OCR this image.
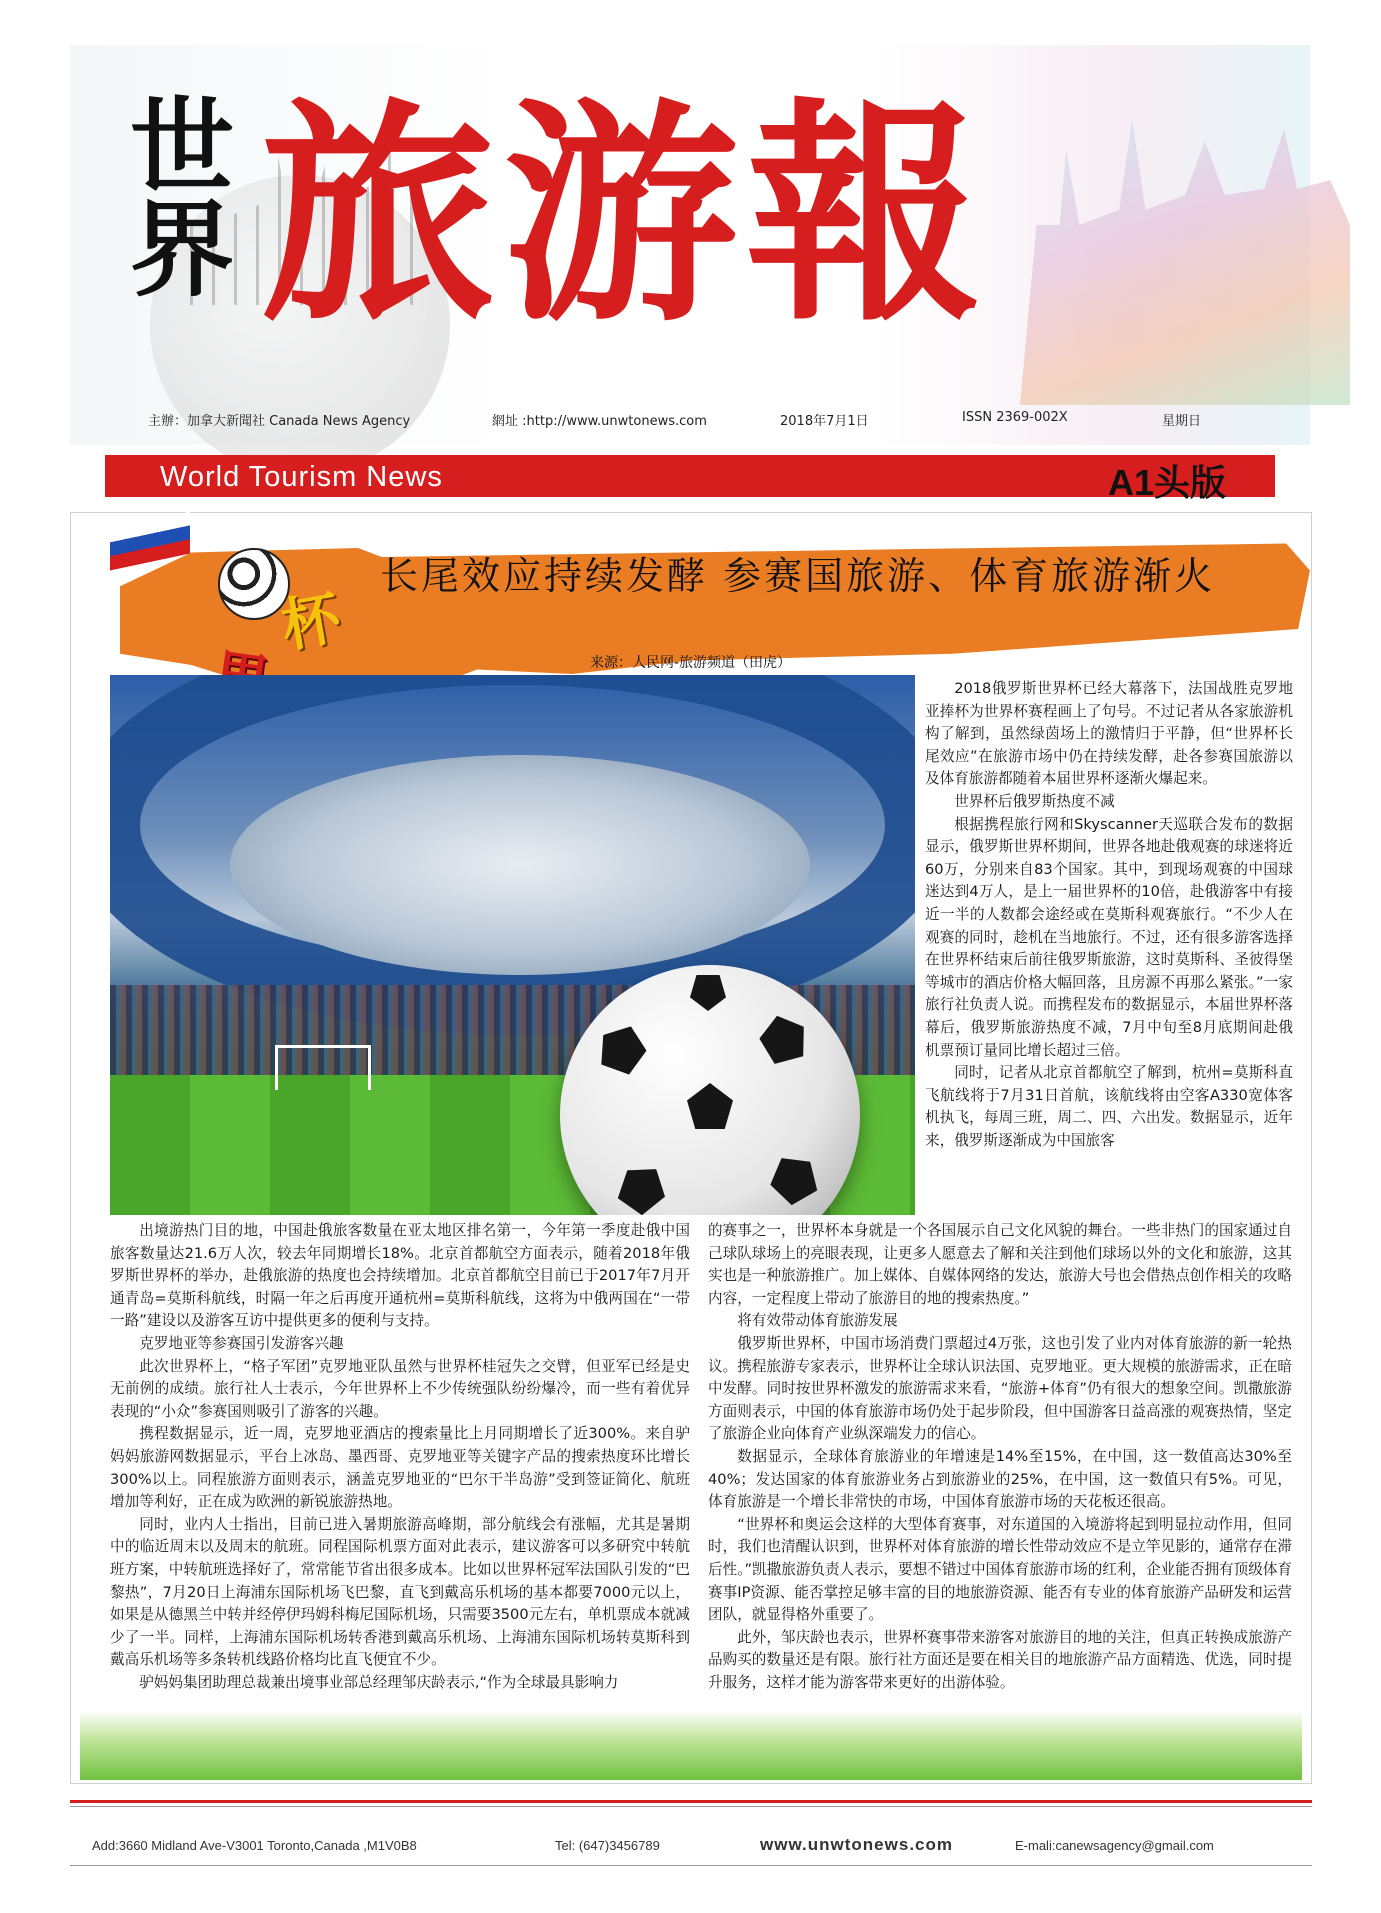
世
界 旅游報
主辦：加拿大新聞社 Canada News Agency	網址 :http://www.unwtonews.com	2018年7月1日	ISSN 2369-002X	星期日
World Tourism News	A1头版
长尾效应持续发酵 参赛国旅游、体育旅游渐火
杯
来源：人民网-旅游频道（田虎）

2018俄罗斯世界杯已经大幕落下，法国战胜克罗地亚捧杯为世界杯赛程画上了句号。不过记者从各家旅游机构了解到，虽然绿茵场上的激情归于平静，但“世界杯长尾效应”在旅游市场中仍在持续发酵，赴各参赛国旅游以及体育旅游都随着本届世界杯逐渐火爆起来。

世界杯后俄罗斯热度不减

根据携程旅行网和Skyscanner天巡联合发布的数据显示，俄罗斯世界杯期间，世界各地赴俄观赛的球迷将近60万，分别来自83个国家。其中，到现场观赛的中国球迷达到4万人，是上一届世界杯的10倍，赴俄游客中有接近一半的人数都会途经或在莫斯科观赛旅行。“不少人在观赛的同时，趁机在当地旅行。不过，还有很多游客选择在世界杯结束后前往俄罗斯旅游，这时莫斯科、圣彼得堡等城市的酒店价格大幅回落，且房源不再那么紧张。”一家旅行社负责人说。而携程发布的数据显示，本届世界杯落幕后，俄罗斯旅游热度不减，7月中旬至8月底期间赴俄机票预订量同比增长超过三倍。

同时，记者从北京首都航空了解到，杭州=莫斯科直飞航线将于7月31日首航，该航线将由空客A330宽体客机执飞，每周三班，周二、四、六出发。数据显示，近年来，俄罗斯逐渐成为中国旅客

出境游热门目的地，中国赴俄旅客数量在亚太地区排名第一，今年第一季度赴俄中国旅客数量达21.6万人次，较去年同期增长18%。北京首都航空方面表示，随着2018年俄罗斯世界杯的举办，赴俄旅游的热度也会持续增加。北京首都航空目前已于2017年7月开通青岛=莫斯科航线，时隔一年之后再度开通杭州=莫斯科航线，这将为中俄两国在“一带一路”建设以及游客互访中提供更多的便利与支持。

克罗地亚等参赛国引发游客兴趣

此次世界杯上，“格子军团”克罗地亚队虽然与世界杯桂冠失之交臂，但亚军已经是史无前例的成绩。旅行社人士表示，今年世界杯上不少传统强队纷纷爆冷，而一些有着优异表现的“小众”参赛国则吸引了游客的兴趣。

携程数据显示，近一周，克罗地亚酒店的搜索量比上月同期增长了近300%。来自驴妈妈旅游网数据显示，平台上冰岛、墨西哥、克罗地亚等关键字产品的搜索热度环比增长300%以上。同程旅游方面则表示，涵盖克罗地亚的“巴尔干半岛游”受到签证简化、航班增加等利好，正在成为欧洲的新锐旅游热地。

同时，业内人士指出，目前已进入暑期旅游高峰期，部分航线会有涨幅，尤其是暑期中的临近周末以及周末的航班。同程国际机票方面对此表示，建议游客可以多研究中转航班方案，中转航班选择好了，常常能节省出很多成本。比如以世界杯冠军法国队引发的“巴黎热”，7月20日上海浦东国际机场飞巴黎，直飞到戴高乐机场的基本都要7000元以上，如果是从德黑兰中转并经停伊玛姆科梅尼国际机场，只需要3500元左右，单机票成本就减少了一半。同样，上海浦东国际机场转香港到戴高乐机场、上海浦东国际机场转莫斯科到戴高乐机场等多条转机线路价格均比直飞便宜不少。

驴妈妈集团助理总裁兼出境事业部总经理邹庆龄表示,“作为全球最具影响力

的赛事之一，世界杯本身就是一个各国展示自己文化风貌的舞台。一些非热门的国家通过自己球队球场上的亮眼表现，让更多人愿意去了解和关注到他们球场以外的文化和旅游，这其实也是一种旅游推广。加上媒体、自媒体网络的发达，旅游大号也会借热点创作相关的攻略内容，一定程度上带动了旅游目的地的搜索热度。”

将有效带动体育旅游发展

俄罗斯世界杯，中国市场消费门票超过4万张，这也引发了业内对体育旅游的新一轮热议。携程旅游专家表示，世界杯让全球认识法国、克罗地亚。更大规模的旅游需求，正在暗中发酵。同时按世界杯激发的旅游需求来看，“旅游+体育”仍有很大的想象空间。凯撒旅游方面则表示，中国的体育旅游市场仍处于起步阶段，但中国游客日益高涨的观赛热情，坚定了旅游企业向体育产业纵深端发力的信心。

数据显示，全球体育旅游业的年增速是14%至15%，在中国，这一数值高达30%至40%；发达国家的体育旅游业务占到旅游业的25%，在中国，这一数值只有5%。可见，体育旅游是一个增长非常快的市场，中国体育旅游市场的天花板还很高。

“世界杯和奥运会这样的大型体育赛事，对东道国的入境游将起到明显拉动作用，但同时，我们也清醒认识到，世界杯对体育旅游的增长性带动效应不是立竿见影的，通常存在滞后性。”凯撒旅游负责人表示，要想不错过中国体育旅游市场的红利，企业能否拥有顶级体育赛事IP资源、能否掌控足够丰富的目的地旅游资源、能否有专业的体育旅游产品研发和运营团队，就显得格外重要了。

此外，邹庆龄也表示，世界杯赛事带来游客对旅游目的地的关注，但真正转换成旅游产品购买的数量还是有限。旅行社方面还是要在相关目的地旅游产品方面精选、优选，同时提升服务，这样才能为游客带来更好的出游体验。

Add:3660 Midland Ave-V3001 Toronto,Canada ,M1V0B8	Tel: (647)3456789	www.unwtonews.com	E-mali:canewsagency@gmail.com
